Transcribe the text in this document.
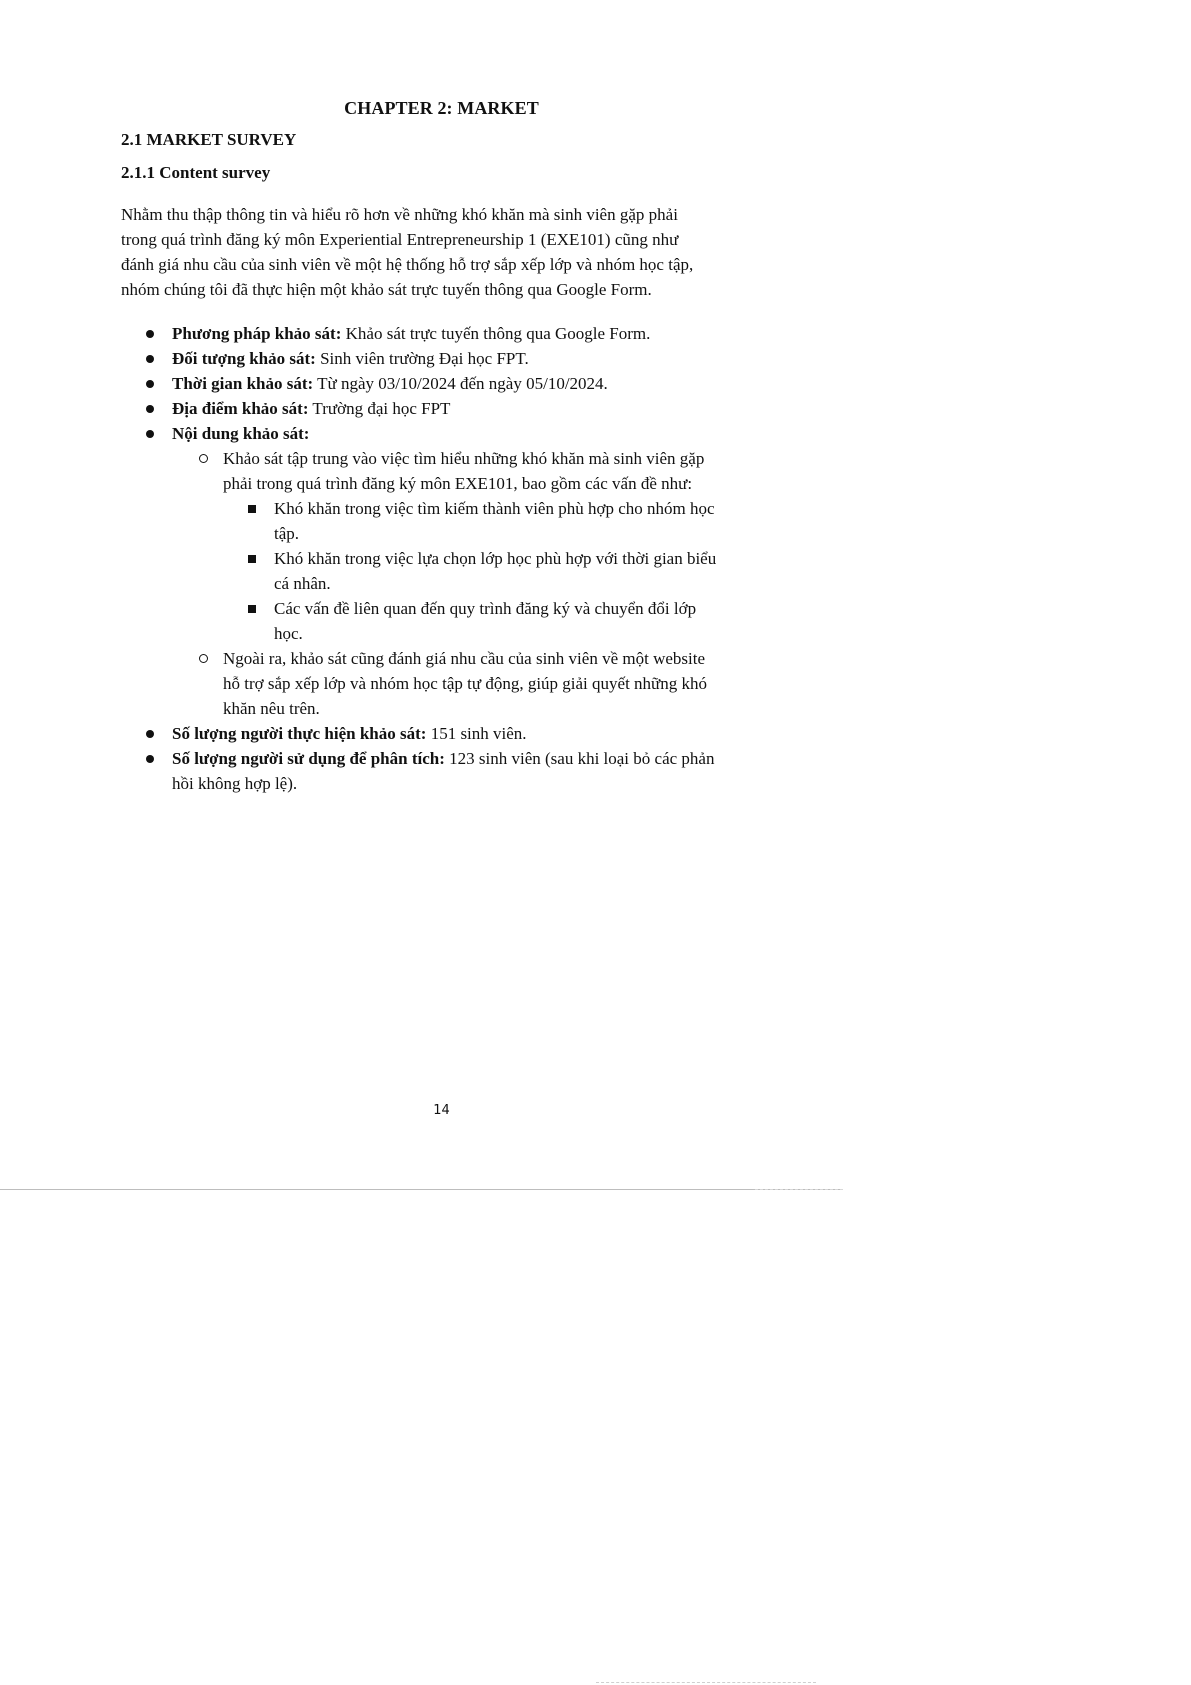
CHAPTER 2: MARKET
2.1 MARKET SURVEY
2.1.1 Content survey
Nhằm thu thập thông tin và hiểu rõ hơn về những khó khăn mà sinh viên gặp phải
trong quá trình đăng ký môn Experiential Entrepreneurship 1 (EXE101) cũng như
đánh giá nhu cầu của sinh viên về một hệ thống hỗ trợ sắp xếp lớp và nhóm học tập,
nhóm chúng tôi đã thực hiện một khảo sát trực tuyến thông qua Google Form.
Phương pháp khảo sát: Khảo sát trực tuyến thông qua Google Form.
Đối tượng khảo sát: Sinh viên trường Đại học FPT.
Thời gian khảo sát: Từ ngày 03/10/2024 đến ngày 05/10/2024.
Địa điểm khảo sát: Trường đại học FPT
Nội dung khảo sát:
Khảo sát tập trung vào việc tìm hiểu những khó khăn mà sinh viên gặp
phải trong quá trình đăng ký môn EXE101, bao gồm các vấn đề như:
Khó khăn trong việc tìm kiếm thành viên phù hợp cho nhóm học
tập.
Khó khăn trong việc lựa chọn lớp học phù hợp với thời gian biểu
cá nhân.
Các vấn đề liên quan đến quy trình đăng ký và chuyển đổi lớp
học.
Ngoài ra, khảo sát cũng đánh giá nhu cầu của sinh viên về một website
hỗ trợ sắp xếp lớp và nhóm học tập tự động, giúp giải quyết những khó
khăn nêu trên.
Số lượng người thực hiện khảo sát: 151 sinh viên.
Số lượng người sử dụng để phân tích: 123 sinh viên (sau khi loại bỏ các phản
hồi không hợp lệ).
14
